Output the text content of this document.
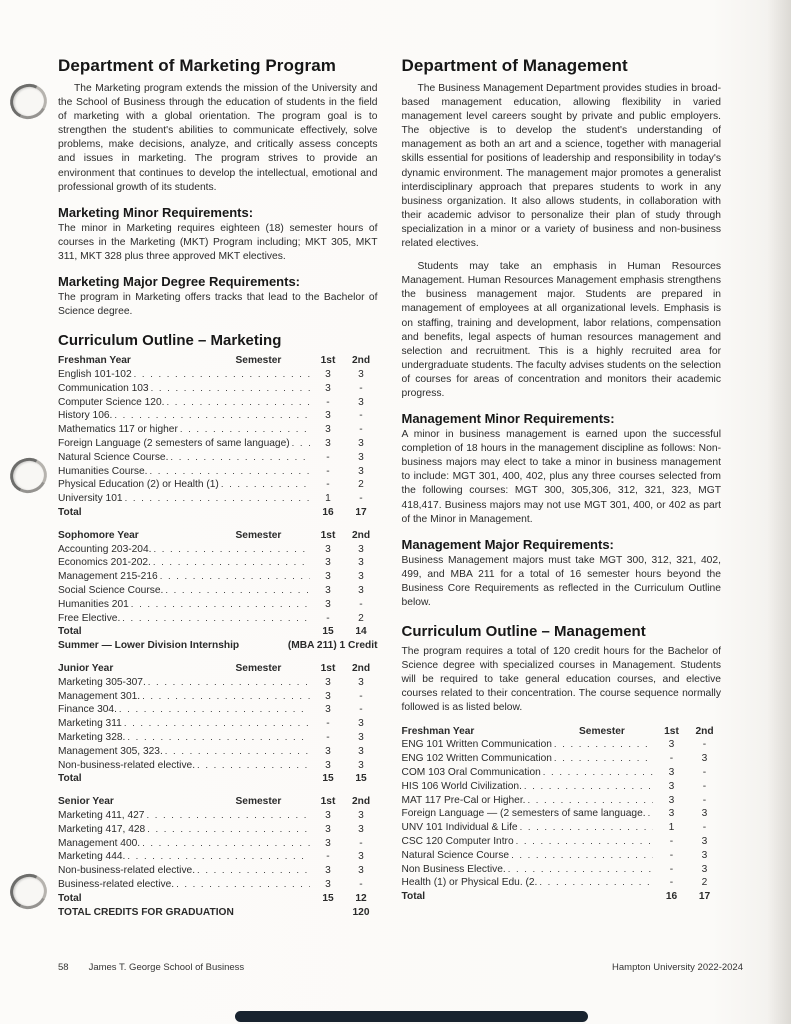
Department of Marketing Program

The Marketing program extends the mission of the University and the School of Business through the education of students in the field of marketing with a global orientation. The program goal is to strengthen the student's abilities to communicate effectively, solve problems, make decisions, analyze, and critically assess concepts and issues in marketing. The program strives to provide an environment that continues to develop the intellectual, emotional and professional growth of its students.

Marketing Minor Requirements:

The minor in Marketing requires eighteen (18) semester hours of courses in the Marketing (MKT) Program including; MKT 305, MKT 311, MKT 328 plus three approved MKT electives.

Marketing Major Degree Requirements:

The program in Marketing offers tracks that lead to the Bachelor of Science degree.

Curriculum Outline – Marketing
Freshman Year	Semester	1st	2nd
English 101-102 . . .	3	3
Communication 103 . . .	3	-
Computer Science 120. . . .	-	3
History 106. . . .	3	-
Mathematics 117 or higher . . .	3	-
Foreign Language (2 semesters of same language) . . .	3	3
Natural Science Course. . . .	-	3
Humanities Course. . . .	-	3
Physical Education (2) or Health (1) . . .	-	2
University 101 . . .	1	-
Total	16	17
Sophomore Year	Semester	1st	2nd
Accounting 203-204. . . .	3	3
Economics 201-202. . . .	3	3
Management 215-216 . . .	3	3
Social Science Course. . . .	3	3
Humanities 201 . . .	3	-
Free Elective. . . .	-	2
Total	15	14
Summer — Lower Division Internship	(MBA 211) 1 Credit
Junior Year	Semester	1st	2nd
Marketing 305-307. . . .	3	3
Management 301. . . .	3	-
Finance 304. . . .	3	-
Marketing 311 . . .	-	3
Marketing 328. . . .	-	3
Management 305, 323. . . .	3	3
Non-business-related elective. . . .	3	3
Total	15	15
Senior Year	Semester	1st	2nd
Marketing 411, 427 . . .	3	3
Marketing 417, 428 . . .	3	3
Management 400. . . .	3	-
Marketing 444. . . .	-	3
Non-business-related elective. . . .	3	3
Business-related elective. . . .	3	-
Total	15	12
TOTAL CREDITS FOR GRADUATION	120
Department of Management

The Business Management Department provides studies in broad-based management education, allowing flexibility in varied management level careers sought by private and public employers. The objective is to develop the student's understanding of management as both an art and a science, together with managerial skills essential for positions of leadership and responsibility in today's dynamic environment. The management major promotes a generalist interdisciplinary approach that prepares students to work in any business organization. It also allows students, in collaboration with their academic advisor to personalize their plan of study through specialization in a minor or a variety of business and non-business related electives.

Students may take an emphasis in Human Resources Management. Human Resources Management emphasis strengthens the business management major. Students are prepared in management of employees at all organizational levels. Emphasis is on staffing, training and development, labor relations, compensation and benefits, legal aspects of human resources management and selection and recruitment. This is a highly recruited area for undergraduate students. The faculty advises students on the selection of courses for areas of concentration and monitors their academic progress.

Management Minor Requirements:

A minor in business management is earned upon the successful completion of 18 hours in the management discipline as follows: Non-business majors may elect to take a minor in business management to include: MGT 301, 400, 402, plus any three courses selected from the following courses: MGT 300, 305,306, 312, 321, 323, MGT 418,417. Business majors may not use MGT 301, 400, or 402 as part of the Minor in Management.

Management Major Requirements:

Business Management majors must take MGT 300, 312, 321, 402, 499, and MBA 211 for a total of 16 semester hours beyond the Business Core Requirements as reflected in the Curriculum Outline below.

Curriculum Outline – Management

The program requires a total of 120 credit hours for the Bachelor of Science degree with specialized courses in Management. Students will be required to take general education courses, and elective courses related to their concentration. The course sequence normally followed is as listed below.

Freshman Year	Semester	1st	2nd
ENG 101 Written Communication . . .	3	-
ENG 102 Written Communication . . .	-	3
COM 103 Oral Communication . . .	3	-
HIS 106 World Civilization. . . .	3	-
MAT 117 Pre-Cal or Higher. . . .	3	-
Foreign Language — (2 semesters of same language. . . .	3	3
UNV 101 Individual & Life . . .	1	-
CSC 120 Computer Intro . . .	-	3
Natural Science Course . . .	-	3
Non Business Elective. . . .	-	3
Health (1) or Physical Edu. (2. . . .	-	2
Total	16	17
58 James T. George School of Business	Hampton University 2022-2024
